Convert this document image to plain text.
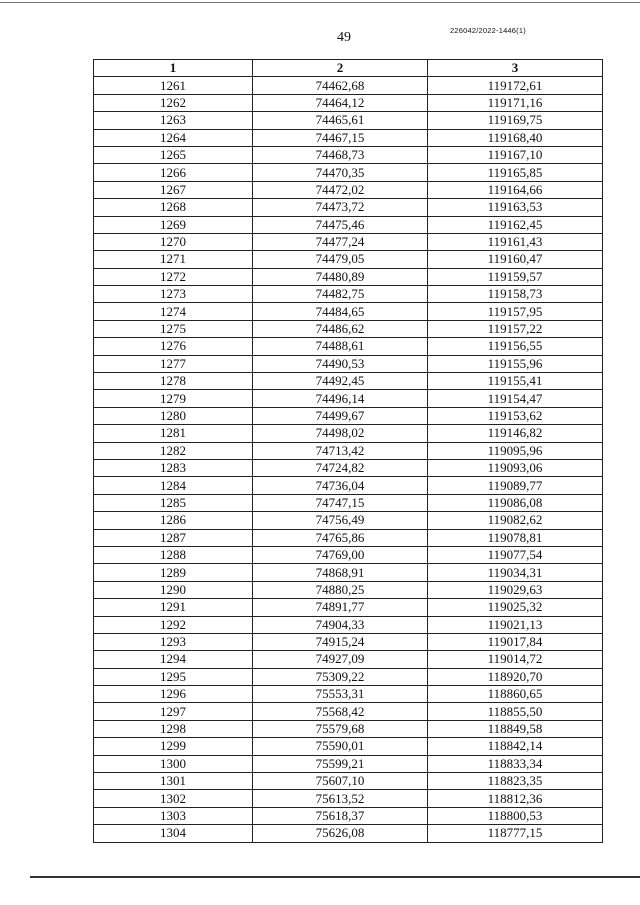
49	226042/2022-1446(1)
1	2	3
1261	74462,68	119172,61
1262	74464,12	119171,16
1263	74465,61	119169,75
1264	74467,15	119168,40
1265	74468,73	119167,10
1266	74470,35	119165,85
1267	74472,02	119164,66
1268	74473,72	119163,53
1269	74475,46	119162,45
1270	74477,24	119161,43
1271	74479,05	119160,47
1272	74480,89	119159,57
1273	74482,75	119158,73
1274	74484,65	119157,95
1275	74486,62	119157,22
1276	74488,61	119156,55
1277	74490,53	119155,96
1278	74492,45	119155,41
1279	74496,14	119154,47
1280	74499,67	119153,62
1281	74498,02	119146,82
1282	74713,42	119095,96
1283	74724,82	119093,06
1284	74736,04	119089,77
1285	74747,15	119086,08
1286	74756,49	119082,62
1287	74765,86	119078,81
1288	74769,00	119077,54
1289	74868,91	119034,31
1290	74880,25	119029,63
1291	74891,77	119025,32
1292	74904,33	119021,13
1293	74915,24	119017,84
1294	74927,09	119014,72
1295	75309,22	118920,70
1296	75553,31	118860,65
1297	75568,42	118855,50
1298	75579,68	118849,58
1299	75590,01	118842,14
1300	75599,21	118833,34
1301	75607,10	118823,35
1302	75613,52	118812,36
1303	75618,37	118800,53
1304	75626,08	118777,15
